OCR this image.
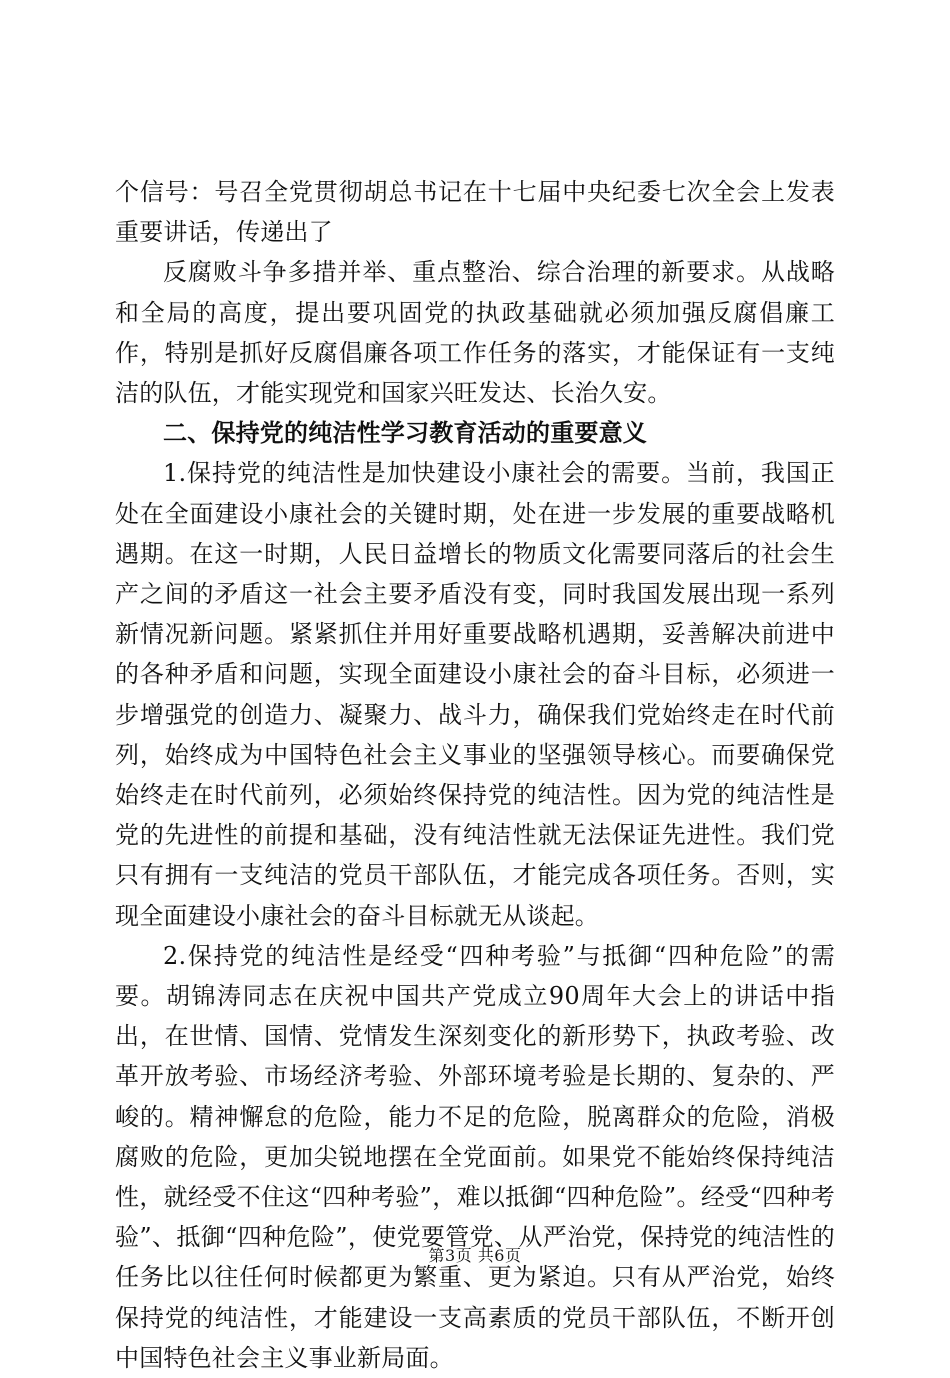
个信号：号召全党贯彻胡总书记在十七届中央纪委七次全会上发表重要讲话，传递出了

反腐败斗争多措并举、重点整治、综合治理的新要求。从战略和全局的高度，提出要巩固党的执政基础就必须加强反腐倡廉工作，特别是抓好反腐倡廉各项工作任务的落实，才能保证有一支纯洁的队伍，才能实现党和国家兴旺发达、长治久安。

二、保持党的纯洁性学习教育活动的重要意义

1.保持党的纯洁性是加快建设小康社会的需要。当前，我国正处在全面建设小康社会的关键时期，处在进一步发展的重要战略机遇期。在这一时期，人民日益增长的物质文化需要同落后的社会生产之间的矛盾这一社会主要矛盾没有变，同时我国发展出现一系列新情况新问题。紧紧抓住并用好重要战略机遇期，妥善解决前进中的各种矛盾和问题，实现全面建设小康社会的奋斗目标，必须进一步增强党的创造力、凝聚力、战斗力，确保我们党始终走在时代前列，始终成为中国特色社会主义事业的坚强领导核心。而要确保党始终走在时代前列，必须始终保持党的纯洁性。因为党的纯洁性是党的先进性的前提和基础，没有纯洁性就无法保证先进性。我们党只有拥有一支纯洁的党员干部队伍，才能完成各项任务。否则，实现全面建设小康社会的奋斗目标就无从谈起。

2.保持党的纯洁性是经受“四种考验”与抵御“四种危险”的需要。胡锦涛同志在庆祝中国共产党成立90周年大会上的讲话中指出，在世情、国情、党情发生深刻变化的新形势下，执政考验、改革开放考验、市场经济考验、外部环境考验是长期的、复杂的、严峻的。精神懈怠的危险，能力不足的危险，脱离群众的危险，消极腐败的危险，更加尖锐地摆在全党面前。如果党不能始终保持纯洁性，就经受不住这“四种考验”，难以抵御“四种危险”。经受“四种考验”、抵御“四种危险”，使党要管党、从严治党，保持党的纯洁性的任务比以往任何时候都更为繁重、更为紧迫。只有从严治党，始终保持党的纯洁性，才能建设一支高素质的党员干部队伍，不断开创中国特色社会主义事业新局面。

第3页 共6页
